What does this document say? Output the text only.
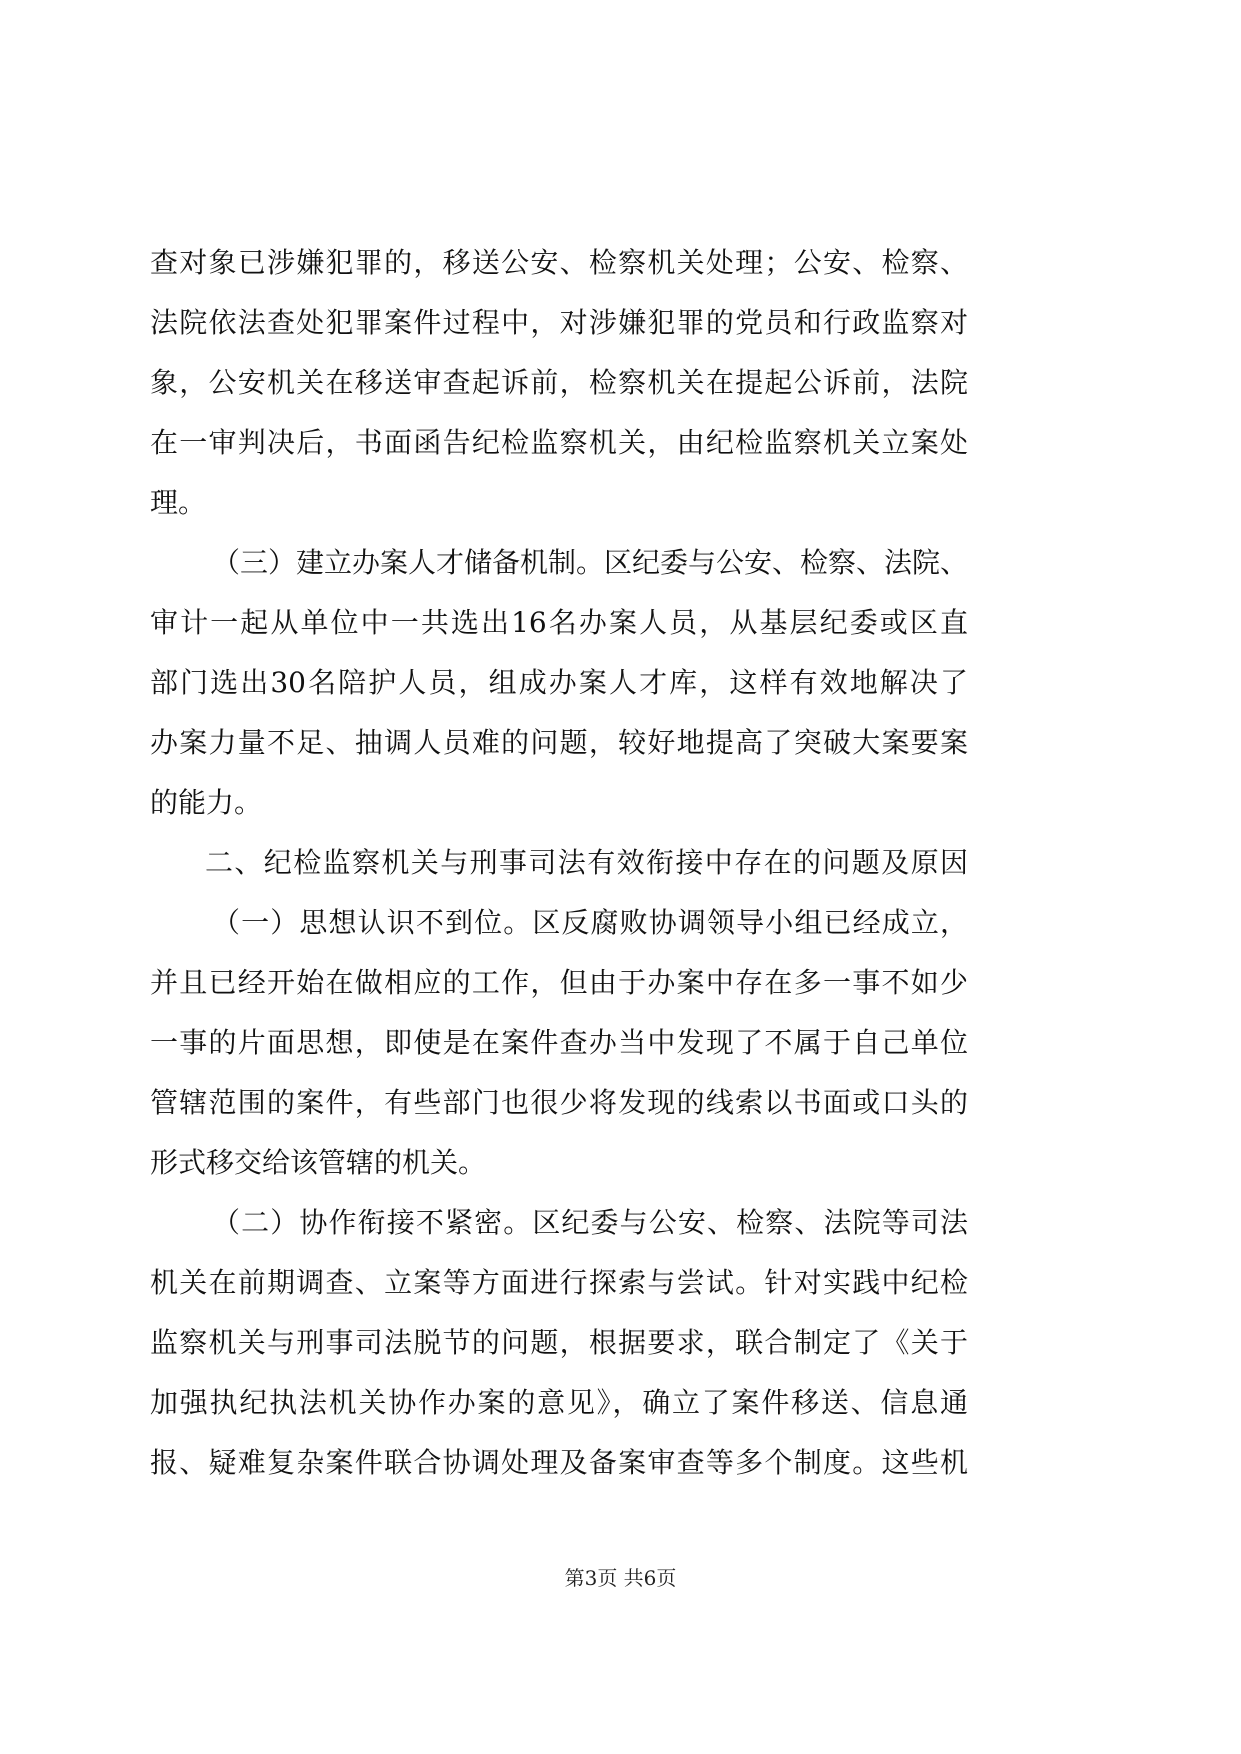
查对象已涉嫌犯罪的，移送公安、检察机关处理；公安、检察、
法院依法查处犯罪案件过程中，对涉嫌犯罪的党员和行政监察对
象，公安机关在移送审查起诉前，检察机关在提起公诉前，法院
在一审判决后，书面函告纪检监察机关，由纪检监察机关立案处
理。
（三）建立办案人才储备机制。区纪委与公安、检察、法院、
审计一起从单位中一共选出16名办案人员，从基层纪委或区直
部门选出30名陪护人员，组成办案人才库，这样有效地解决了
办案力量不足、抽调人员难的问题，较好地提高了突破大案要案
的能力。
二、纪检监察机关与刑事司法有效衔接中存在的问题及原因
（一）思想认识不到位。区反腐败协调领导小组已经成立，
并且已经开始在做相应的工作，但由于办案中存在多一事不如少
一事的片面思想，即使是在案件查办当中发现了不属于自己单位
管辖范围的案件，有些部门也很少将发现的线索以书面或口头的
形式移交给该管辖的机关。
（二）协作衔接不紧密。区纪委与公安、检察、法院等司法
机关在前期调查、立案等方面进行探索与尝试。针对实践中纪检
监察机关与刑事司法脱节的问题，根据要求，联合制定了《关于
加强执纪执法机关协作办案的意见》，确立了案件移送、信息通
报、疑难复杂案件联合协调处理及备案审查等多个制度。这些机
第3页 共6页
